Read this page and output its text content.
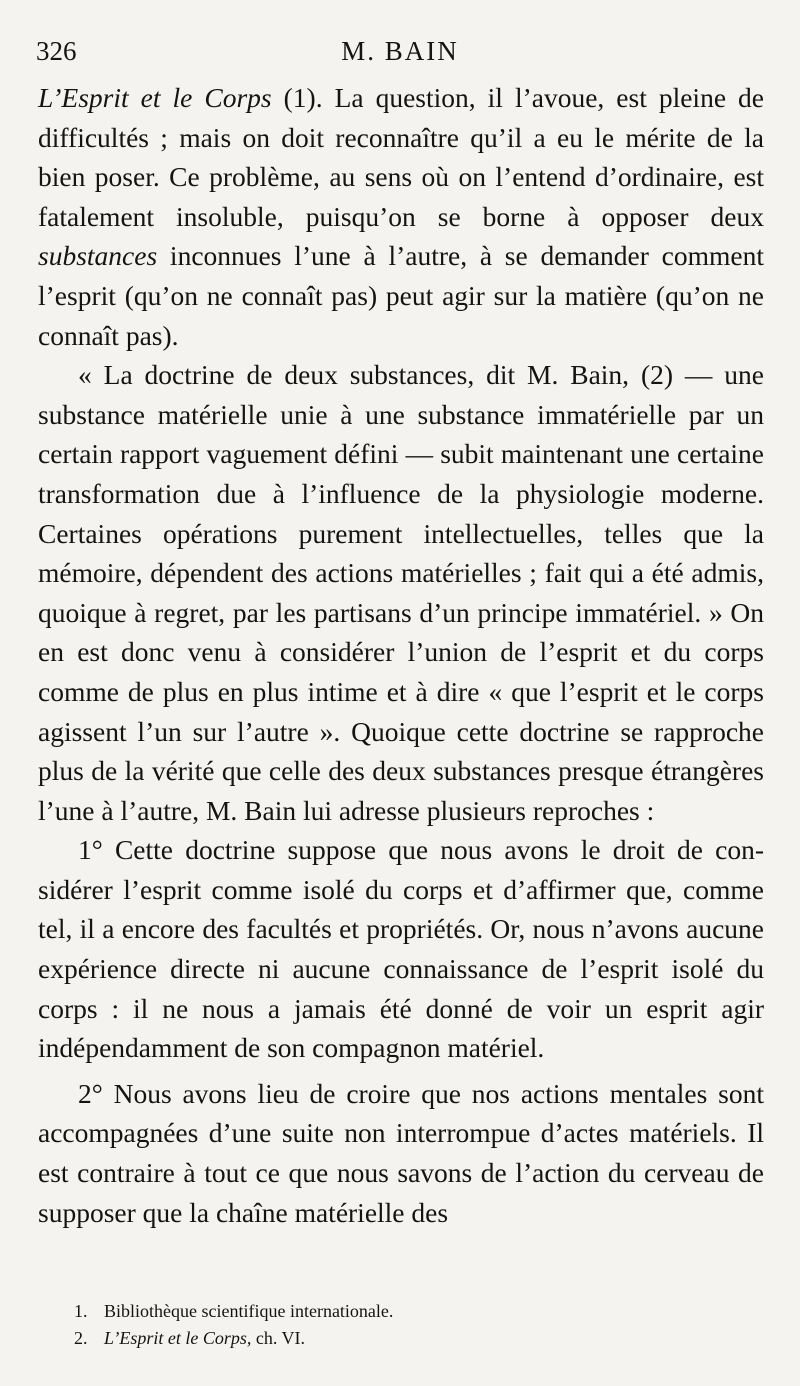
326	M. BAIN

L’Esprit et le Corps (1). La question, il l’avoue, est pleine de difficultés ; mais on doit reconnaître qu’il a eu le mérite de la bien poser. Ce problème, au sens où on l’entend d’ordinaire, est fatalement insoluble, puisqu’on se borne à opposer deux substances inconnues l’une à l’autre, à se demander comment l’esprit (qu’on ne connaît pas) peut agir sur la matière (qu’on ne connaît pas).

« La doctrine de deux substances, dit M. Bain, (2) — une substance matérielle unie à une substance immatérielle par un certain rapport vaguement défini — subit maintenant une certaine transformation due à l’influence de la physiologie moderne. Certaines opérations purement intellectuelles, telles que la mémoire, dépendent des actions matérielles ; fait qui a été admis, quoique à regret, par les partisans d’un principe immatériel. » On en est donc venu à considérer l’union de l’esprit et du corps comme de plus en plus intime et à dire « que l’esprit et le corps agissent l’un sur l’autre ». Quoique cette doctrine se rapproche plus de la vérité que celle des deux substances presque étrangères l’une à l’autre, M. Bain lui adresse plusieurs reproches :

1° Cette doctrine suppose que nous avons le droit de considérer l’esprit comme isolé du corps et d’affirmer que, comme tel, il a encore des facultés et propriétés. Or, nous n’avons aucune expérience directe ni aucune connaissance de l’esprit isolé du corps : il ne nous a jamais été donné de voir un esprit agir indépendamment de son compagnon matériel.

2° Nous avons lieu de croire que nos actions mentales sont accompagnées d’une suite non interrompue d’actes matériels. Il est contraire à tout ce que nous savons de l’action du cerveau de supposer que la chaîne matérielle des

1. Bibliothèque scientifique internationale.
2. L’Esprit et le Corps, ch. VI.
